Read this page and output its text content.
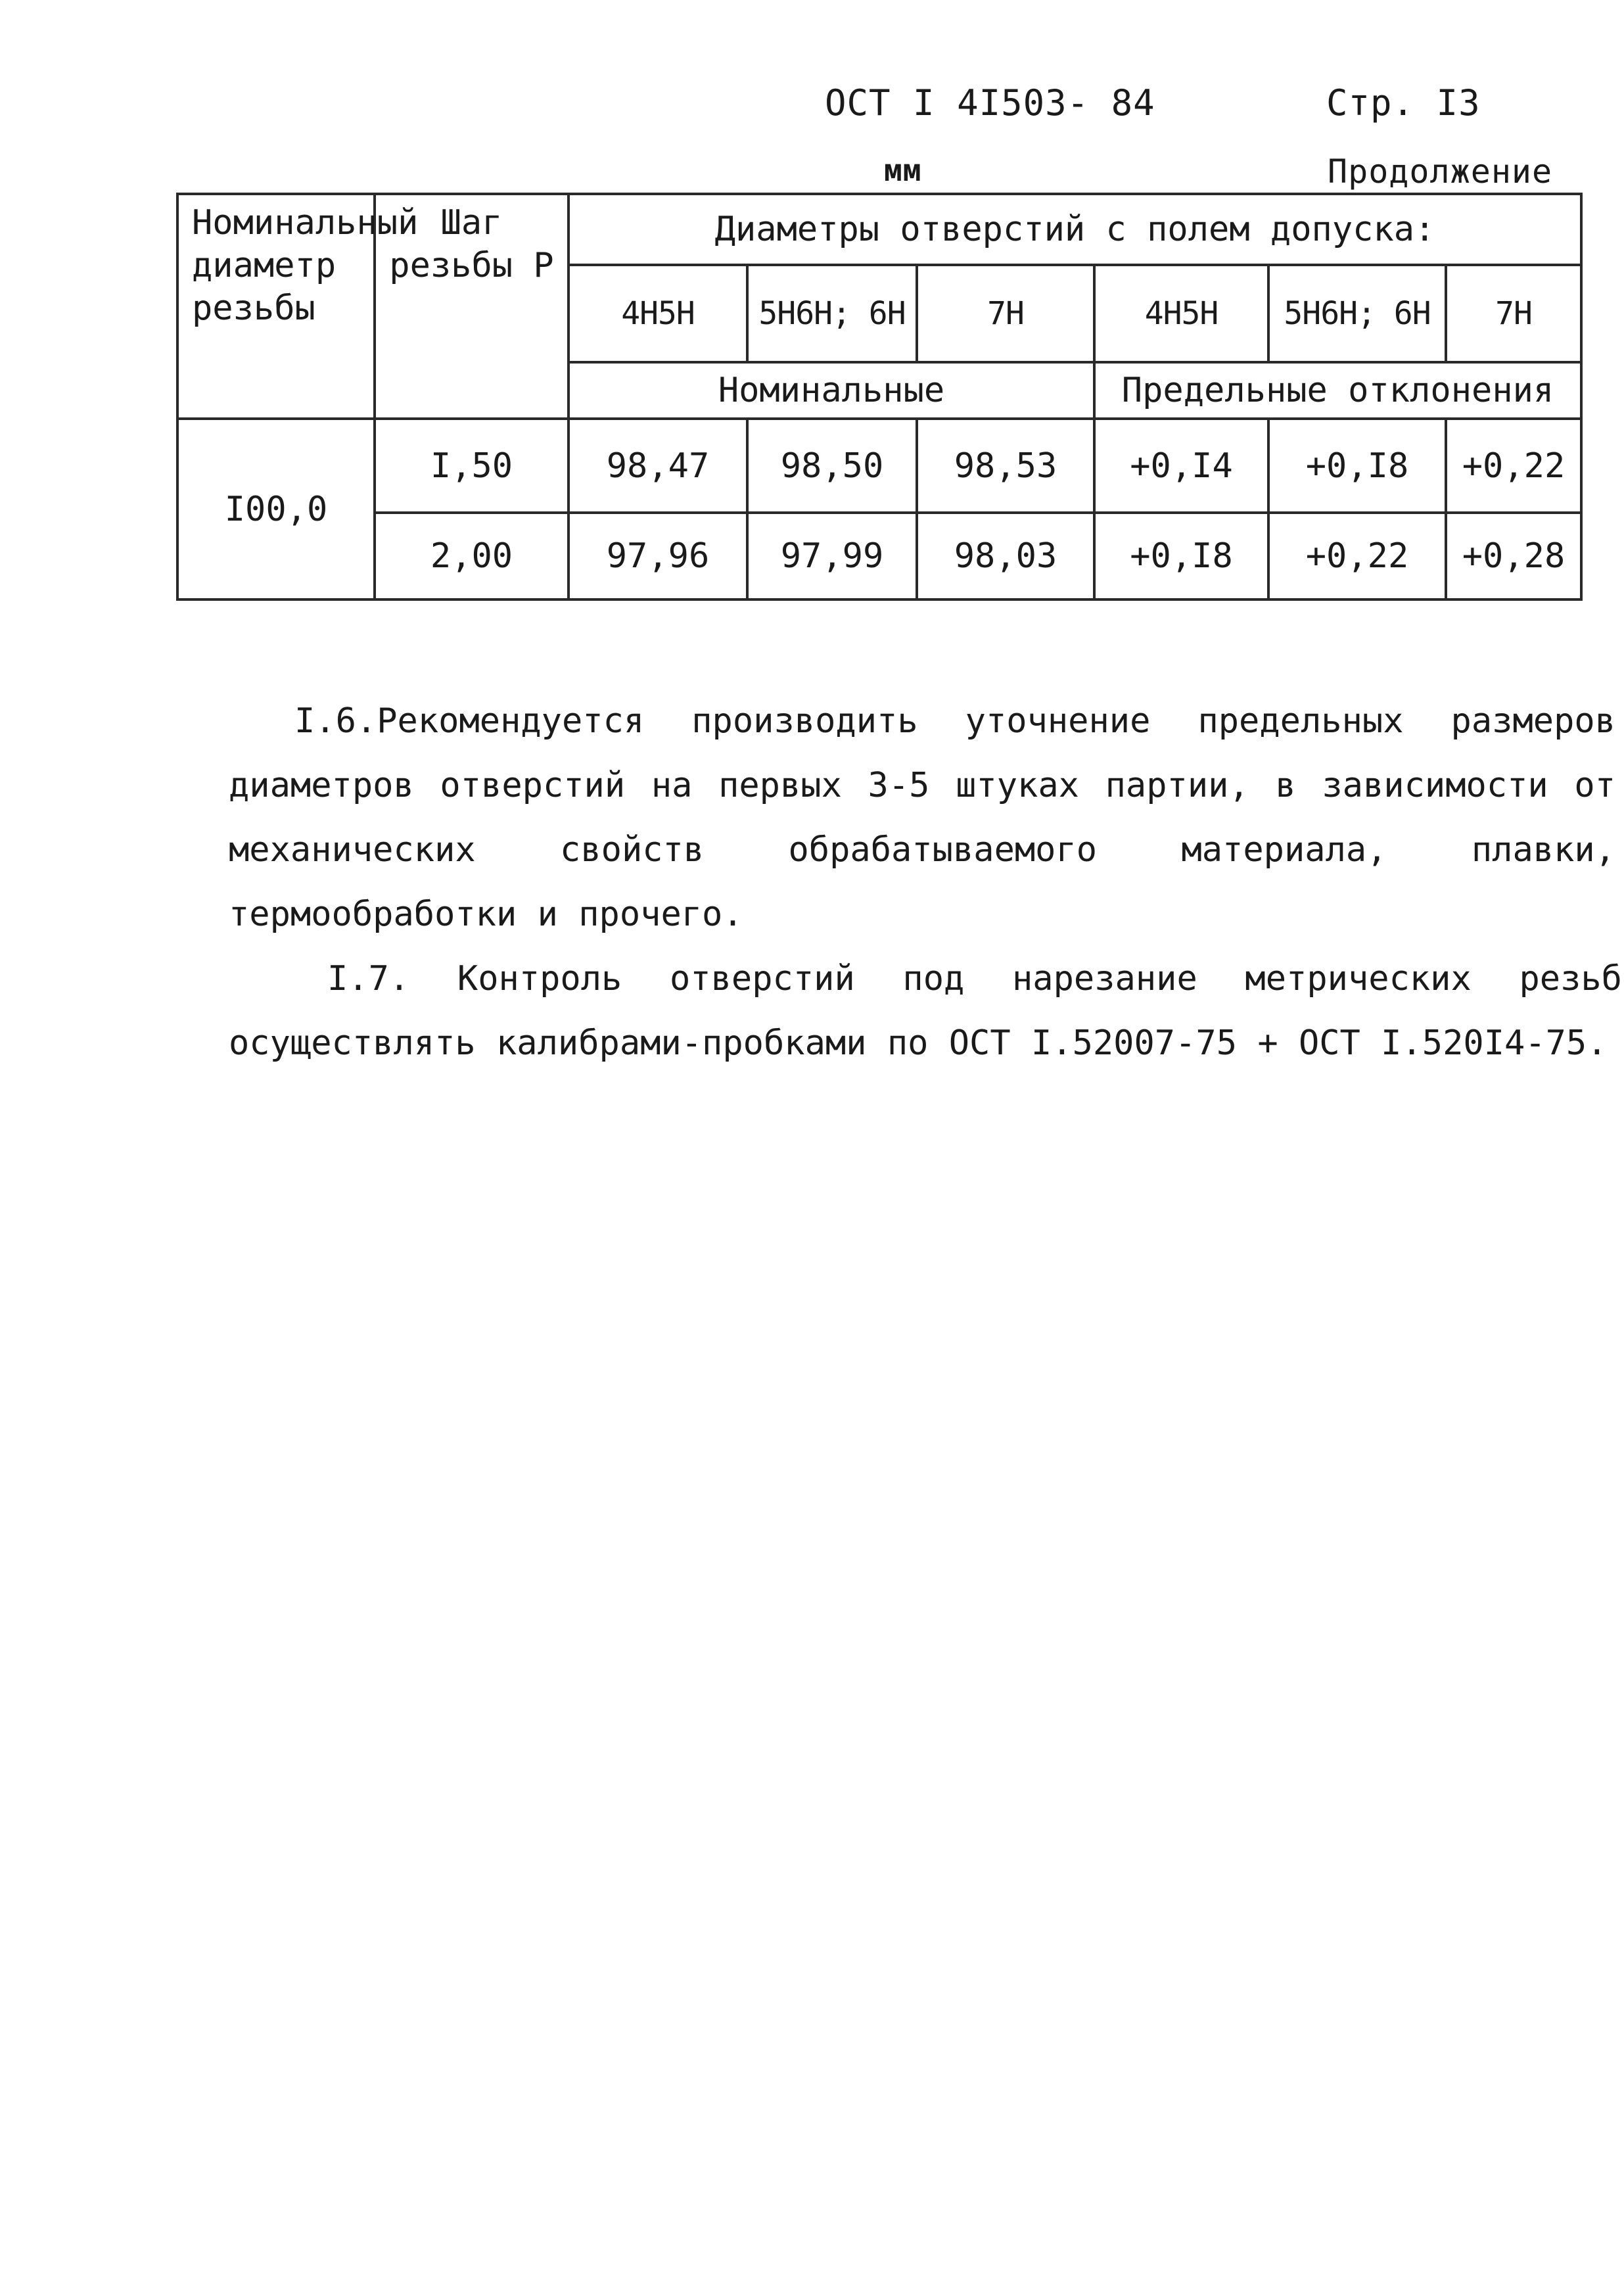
ОСТ I 4I503- 84	Стр. I3
мм	Продолжение
Номинальный диаметр резьбы	Шаг резьбы P	Диаметры отверстий с полем допуска:					
		4H5H	5H6H; 6H	7H	4H5H	5H6H; 6H	7H
		Номинальные			Предельные отклонения		
I00,0	I,50	98,47	98,50	98,53	+0,I4	+0,I8	+0,22
	2,00	97,96	97,99	98,03	+0,I8	+0,22	+0,28
I.6.Рекомендуется производить уточнение предельных размеров диаметров отверстий на первых 3-5 штуках партии, в зависимости от механических свойств обрабатываемого материала, плавки, термообработки и прочего.
I.7. Контроль отверстий под нарезание метрических резьб осуществлять калибрами-пробками по ОСТ I.52007-75 + ОСТ I.520I4-75.
